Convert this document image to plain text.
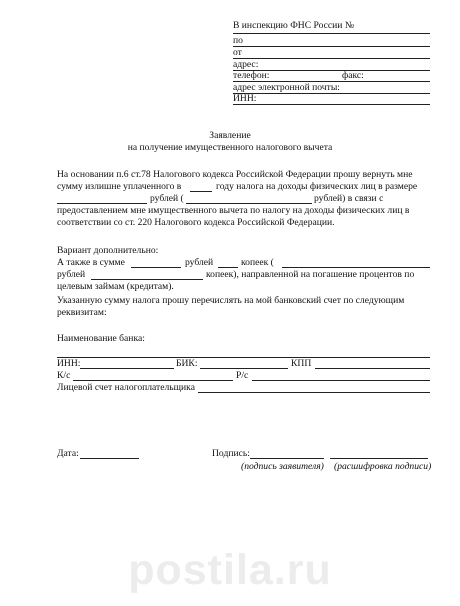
В инспекцию ФНС России №
по
от
адрес:
телефон:	факс:
адрес электронной почты:
ИНН:
Заявление
на получение имущественного налогового вычета
На основании п.6 ст.78 Налогового кодекса Российской Федерации прошу вернуть мне
сумму излишне уплаченного в	году налога на доходы физических лиц в размере
рублей (	рублей) в связи с
предоставлением мне имущественного вычета по налогу на доходы физических лиц в
соответствии со ст. 220 Налогового кодекса Российской Федерации.
Вариант дополнительно:
А также в сумме	рублей	копеек (
рублей	копеек), направленной на погашение процентов по
целевым займам (кредитам).
Указанную сумму налога прошу перечислять на мой банковский счет по следующим
реквизитам:
Наименование банка:
ИНН:	БИК:	КПП
К/с	Р/с
Лицевой счет налогоплательщика
Дата:	Подпись:
(подпись заявителя) (расшифровка подписи)
postila.ru
